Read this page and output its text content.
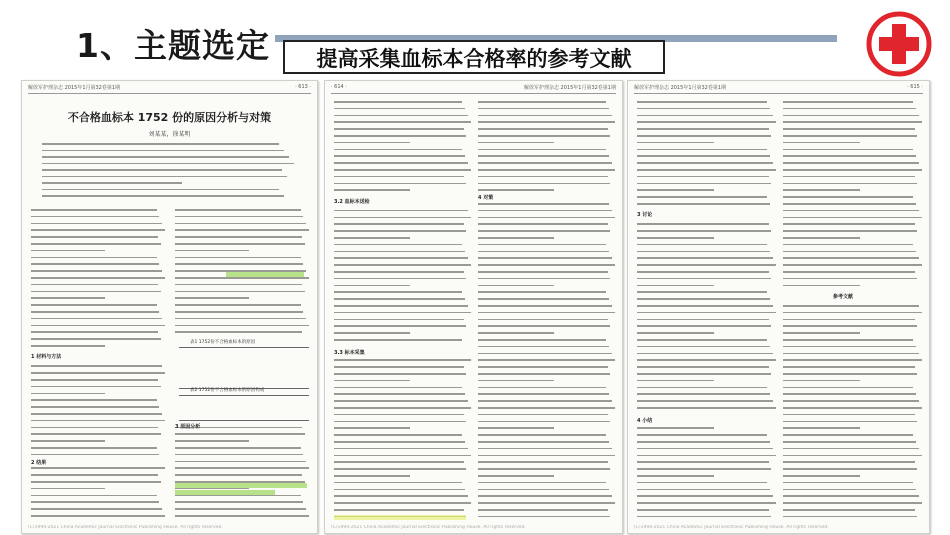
1、主题选定
解放军护理杂志 2015年1月第32卷第1期	· 613 ·
不合格血标本 1752 份的原因分析与对策
刘某某，徐某明
1 材料与方法
2 结果
3 原因分析
表1 1752份不合格血标本的原因
表2 1752份不合格血标本的原因构成
(C)1994-2021 China Academic Journal Electronic Publishing House. All rights reserved.
· 614 ·	解放军护理杂志 2015年1月第32卷第1期
3.2 血标本送检
3.3 标本采集
4 对策
(C)1994-2021 China Academic Journal Electronic Publishing House. All rights reserved.
解放军护理杂志 2015年1月第32卷第1期	· 615 ·
3 讨论
4 小结
参考文献
(C)1994-2021 China Academic Journal Electronic Publishing House. All rights reserved.
提高采集血标本合格率的参考文献
